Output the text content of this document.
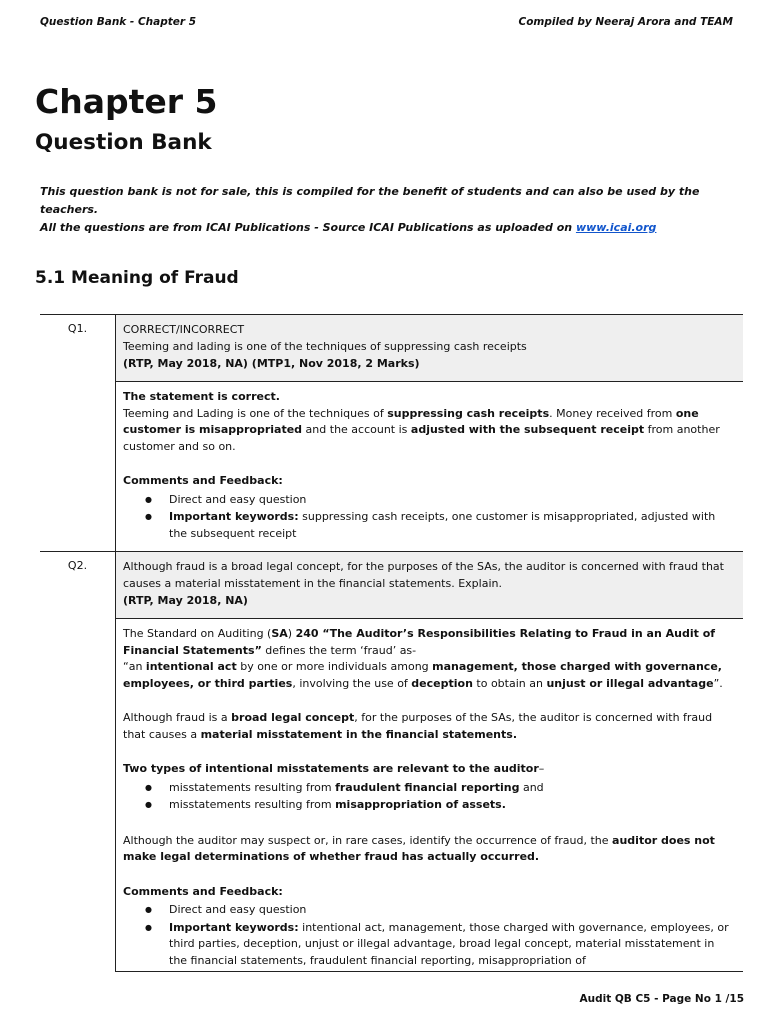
Question Bank - Chapter 5	Compiled by Neeraj Arora and TEAM
Chapter 5
Question Bank

This question bank is not for sale, this is compiled for the benefit of students and can also be used by the teachers.
All the questions are from ICAI Publications - Source ICAI Publications as uploaded on www.icai.org

5.1 Meaning of Fraud
Q1.	CORRECT/INCORRECT
Teeming and lading is one of the techniques of suppressing cash receipts
(RTP, May 2018, NA) (MTP1, Nov 2018, 2 Marks)

The statement is correct.

Teeming and Lading is one of the techniques of suppressing cash receipts. Money received from one customer is misappropriated and the account is adjusted with the subsequent receipt from another customer and so on.

Comments and Feedback:

● Direct and easy question
● Important keywords: suppressing cash receipts, one customer is misappropriated, adjusted with the subsequent receipt
Q2.	Although fraud is a broad legal concept, for the purposes of the SAs, the auditor is concerned with fraud that causes a material misstatement in the financial statements. Explain.
(RTP, May 2018, NA)

The Standard on Auditing (SA) 240 “The Auditor’s Responsibilities Relating to Fraud in an Audit of Financial Statements” defines the term ‘fraud’ as-

“an intentional act by one or more individuals among management, those charged with governance, employees, or third parties, involving the use of deception to obtain an unjust or illegal advantage”.

Although fraud is a broad legal concept, for the purposes of the SAs, the auditor is concerned with fraud that causes a material misstatement in the financial statements.

Two types of intentional misstatements are relevant to the auditor–

● misstatements resulting from fraudulent financial reporting and
● misstatements resulting from misappropriation of assets.

Although the auditor may suspect or, in rare cases, identify the occurrence of fraud, the auditor does not make legal determinations of whether fraud has actually occurred.

Comments and Feedback:

● Direct and easy question
● Important keywords: intentional act, management, those charged with governance, employees, or third parties, deception, unjust or illegal advantage, broad legal concept, material misstatement in the financial statements, fraudulent financial reporting, misappropriation of
Audit QB C5 - Page No 1 /15
